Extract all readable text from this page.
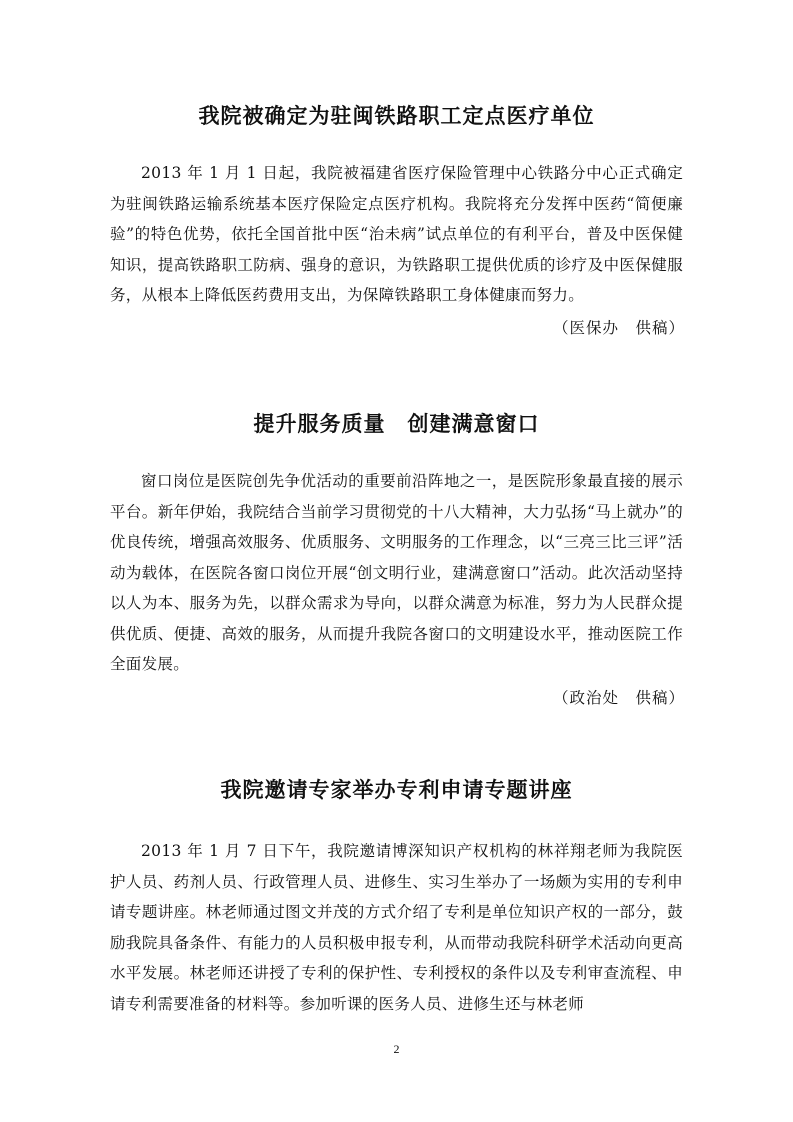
我院被确定为驻闽铁路职工定点医疗单位
2013 年 1 月 1 日起，我院被福建省医疗保险管理中心铁路分中心正式确定为驻闽铁路运输系统基本医疗保险定点医疗机构。我院将充分发挥中医药“简便廉验”的特色优势，依托全国首批中医“治未病”试点单位的有利平台，普及中医保健知识，提高铁路职工防病、强身的意识，为铁路职工提供优质的诊疗及中医保健服务，从根本上降低医药费用支出，为保障铁路职工身体健康而努力。
（医保办　供稿）
提升服务质量　创建满意窗口
窗口岗位是医院创先争优活动的重要前沿阵地之一，是医院形象最直接的展示平台。新年伊始，我院结合当前学习贯彻党的十八大精神，大力弘扬“马上就办”的优良传统，增强高效服务、优质服务、文明服务的工作理念，以“三亮三比三评”活动为载体，在医院各窗口岗位开展“创文明行业，建满意窗口”活动。此次活动坚持以人为本、服务为先，以群众需求为导向，以群众满意为标准，努力为人民群众提供优质、便捷、高效的服务，从而提升我院各窗口的文明建设水平，推动医院工作全面发展。
（政治处　供稿）
我院邀请专家举办专利申请专题讲座
2013 年 1 月 7 日下午，我院邀请博深知识产权机构的林祥翔老师为我院医护人员、药剂人员、行政管理人员、进修生、实习生举办了一场颇为实用的专利申请专题讲座。林老师通过图文并茂的方式介绍了专利是单位知识产权的一部分，鼓励我院具备条件、有能力的人员积极申报专利，从而带动我院科研学术活动向更高水平发展。林老师还讲授了专利的保护性、专利授权的条件以及专利审查流程、申请专利需要准备的材料等。参加听课的医务人员、进修生还与林老师
2
